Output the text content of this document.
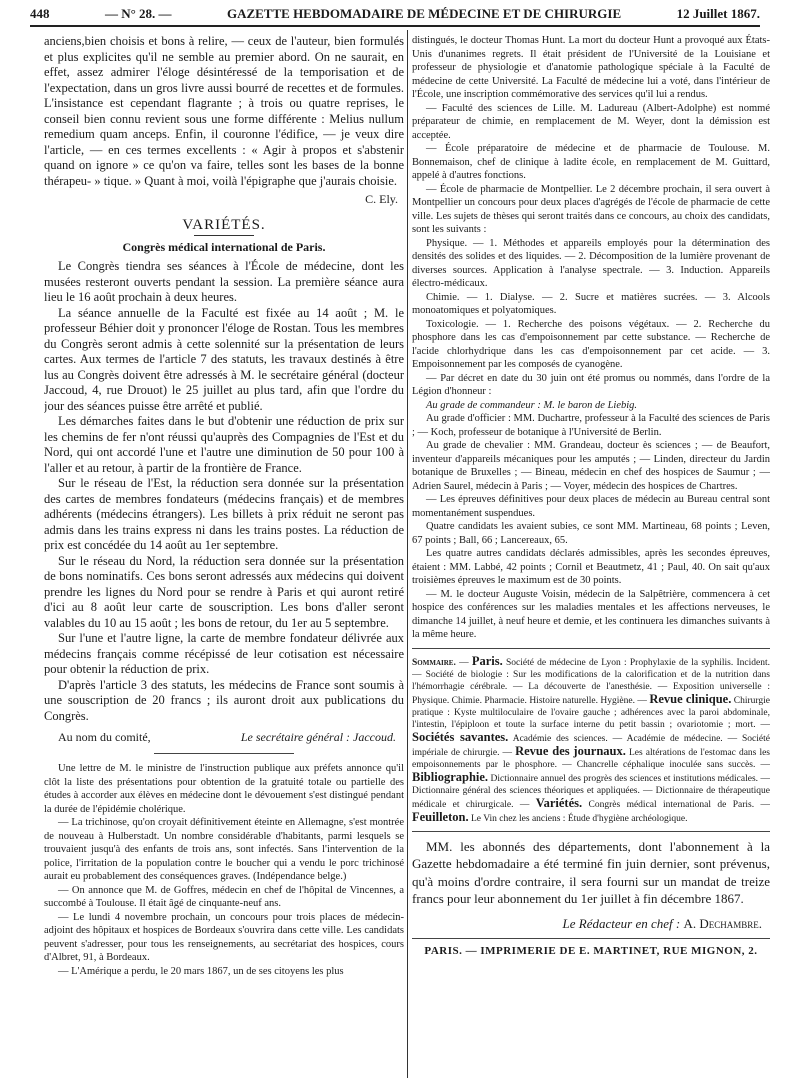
448	— N° 28. —	GAZETTE HEBDOMADAIRE DE MÉDECINE ET DE CHIRURGIE	12 Juillet 1867.

anciens,bien choisis et bons à relire, — ceux de l'auteur, bien formulés et plus explicites qu'il ne semble au premier abord. On ne saurait, en effet, assez admirer l'éloge désintéressé de la temporisation et de l'expectation, dans un gros livre aussi bourré de recettes et de formules. L'insistance est cependant flagrante ; à trois ou quatre reprises, le conseil bien connu revient sous une forme différente : Melius nullum remedium quam anceps. Enfin, il couronne l'édifice, — je veux dire l'article, — en ces termes excellents : « Agir à propos et s'abstenir quand on ignore » ce qu'on va faire, telles sont les bases de la bonne thérapeu- » tique. » Quant à moi, voilà l'épigraphe que j'aurais choisie.

C. Ely.
VARIÉTÉS.
Congrès médical international de Paris.

Le Congrès tiendra ses séances à l'École de médecine, dont les musées resteront ouverts pendant la session. La première séance aura lieu le 16 août prochain à deux heures.

La séance annuelle de la Faculté est fixée au 14 août ; M. le professeur Béhier doit y prononcer l'éloge de Rostan. Tous les membres du Congrès seront admis à cette solennité sur la présentation de leurs cartes. Aux termes de l'article 7 des statuts, les travaux destinés à être lus au Congrès doivent être adressés à M. le secrétaire général (docteur Jaccoud, 4, rue Drouot) le 25 juillet au plus tard, afin que l'ordre du jour des séances puisse être arrêté et publié.

Les démarches faites dans le but d'obtenir une réduction de prix sur les chemins de fer n'ont réussi qu'auprès des Compagnies de l'Est et du Nord, qui ont accordé l'une et l'autre une diminution de 50 pour 100 à l'aller et au retour, à partir de la frontière de France.

Sur le réseau de l'Est, la réduction sera donnée sur la présentation des cartes de membres fondateurs (médecins français) et de membres adhérents (médecins étrangers). Les billets à prix réduit ne seront pas admis dans les trains express ni dans les trains postes. La réduction de prix est concédée du 14 août au 1er septembre.

Sur le réseau du Nord, la réduction sera donnée sur la présentation de bons nominatifs. Ces bons seront adressés aux médecins qui doivent prendre les lignes du Nord pour se rendre à Paris et qui auront retiré d'ici au 8 août leur carte de souscription. Les bons d'aller seront valables du 10 au 15 août ; les bons de retour, du 1er au 5 septembre.

Sur l'une et l'autre ligne, la carte de membre fondateur délivrée aux médecins français comme récépissé de leur cotisation est nécessaire pour obtenir la réduction de prix.

D'après l'article 3 des statuts, les médecins de France sont soumis à une souscription de 20 francs ; ils auront droit aux publications du Congrès.

Au nom du comité,	Le secrétaire général : Jaccoud.

Une lettre de M. le ministre de l'instruction publique aux préfets annonce qu'il clôt la liste des présentations pour obtention de la gratuité totale ou partielle des études à accorder aux élèves en médecine dont le dévouement s'est distingué pendant la durée de l'épidémie cholérique.

— La trichinose, qu'on croyait définitivement éteinte en Allemagne, s'est montrée de nouveau à Hulberstadt. Un nombre considérable d'habitants, parmi lesquels se trouvaient jusqu'à des enfants de trois ans, sont infectés. Sans l'intervention de la police, l'irritation de la population contre le boucher qui a vendu le porc trichinosé aurait eu probablement des conséquences graves. (Indépendance belge.)

— On annonce que M. de Goffres, médecin en chef de l'hôpital de Vincennes, a succombé à Toulouse. Il était âgé de cinquante-neuf ans.

— Le lundi 4 novembre prochain, un concours pour trois places de médecin-adjoint des hôpitaux et hospices de Bordeaux s'ouvrira dans cette ville. Les candidats peuvent s'adresser, pour tous les renseignements, au secrétariat des hospices, cours d'Albret, 91, à Bordeaux.

— L'Amérique a perdu, le 20 mars 1867, un de ses citoyens les plus

distingués, le docteur Thomas Hunt. La mort du docteur Hunt a provoqué aux États-Unis d'unanimes regrets. Il était président de l'Université de la Louisiane et professeur de physiologie et d'anatomie pathologique spéciale à la Faculté de médecine de cette Université. La Faculté de médecine lui a voté, dans l'intérieur de l'École, une inscription commémorative des services qu'il lui a rendus.

— Faculté des sciences de Lille. M. Ladureau (Albert-Adolphe) est nommé préparateur de chimie, en remplacement de M. Weyer, dont la démission est acceptée.

— École préparatoire de médecine et de pharmacie de Toulouse. M. Bonnemaison, chef de clinique à ladite école, en remplacement de M. Guittard, appelé à d'autres fonctions.

— École de pharmacie de Montpellier. Le 2 décembre prochain, il sera ouvert à Montpellier un concours pour deux places d'agrégés de l'école de pharmacie de cette ville. Les sujets de thèses qui seront traités dans ce concours, au choix des candidats, sont les suivants :

Physique. — 1. Méthodes et appareils employés pour la détermination des densités des solides et des liquides. — 2. Décomposition de la lumière provenant de diverses sources. Application à l'analyse spectrale. — 3. Induction. Appareils électro-médicaux.

Chimie. — 1. Dialyse. — 2. Sucre et matières sucrées. — 3. Alcools monoatomiques et polyatomiques.

Toxicologie. — 1. Recherche des poisons végétaux. — 2. Recherche du phosphore dans les cas d'empoisonnement par cette substance. — Recherche de l'acide chlorhydrique dans les cas d'empoisonnement par cet acide. — 3. Empoisonnement par les composés de cyanogène.

— Par décret en date du 30 juin ont été promus ou nommés, dans l'ordre de la Légion d'honneur :

Au grade de commandeur : M. le baron de Liebig.

Au grade d'officier : MM. Duchartre, professeur à la Faculté des sciences de Paris ; — Koch, professeur de botanique à l'Université de Berlin.

Au grade de chevalier : MM. Grandeau, docteur ès sciences ; — de Beaufort, inventeur d'appareils mécaniques pour les amputés ; — Linden, directeur du Jardin botanique de Bruxelles ; — Bineau, médecin en chef des hospices de Saumur ; — Adrien Saurel, médecin à Paris ; — Voyer, médecin des hospices de Chartres.

— Les épreuves définitives pour deux places de médecin au Bureau central sont momentanément suspendues.

Quatre candidats les avaient subies, ce sont MM. Martineau, 68 points ; Leven, 67 points ; Ball, 66 ; Lancereaux, 65.

Les quatre autres candidats déclarés admissibles, après les secondes épreuves, étaient : MM. Labbé, 42 points ; Cornil et Beautmetz, 41 ; Paul, 40. On sait qu'aux troisièmes épreuves le maximum est de 30 points.

— M. le docteur Auguste Voisin, médecin de la Salpêtrière, commencera à cet hospice des conférences sur les maladies mentales et les affections nerveuses, le dimanche 14 juillet, à neuf heure et demie, et les continuera les dimanches suivants à la même heure.

Sommaire. — Paris. Société de médecine de Lyon : Prophylaxie de la syphilis. Incident. — Société de biologie : Sur les modifications de la calorification et de la nutrition dans l'hémorrhagie cérébrale. — La découverte de l'anesthésie. — Exposition universelle : Physique. Chimie. Pharmacie. Histoire naturelle. Hygiène. — Revue clinique. Chirurgie pratique : Kyste multiloculaire de l'ovaire gauche ; adhérences avec la paroi abdominale, l'intestin, l'épiploon et toute la surface interne du petit bassin ; ovariotomie ; mort. — Sociétés savantes. Académie des sciences. — Académie de médecine. — Société impériale de chirurgie. — Revue des journaux. Les altérations de l'estomac dans les empoisonnements par le phosphore. — Chancrelle céphalique inoculée sans succès. — Bibliographie. Dictionnaire annuel des progrès des sciences et institutions médicales. — Dictionnaire général des sciences théoriques et appliquées. — Dictionnaire de thérapeutique médicale et chirurgicale. — Variétés. Congrès médical international de Paris. — Feuilleton. Le Vin chez les anciens : Étude d'hygiène archéologique.

MM. les abonnés des départements, dont l'abonnement à la Gazette hebdomadaire a été terminé fin juin dernier, sont prévenus, qu'à moins d'ordre contraire, il sera fourni sur un mandat de treize francs pour leur abonnement du 1er juillet à fin décembre 1867.

Le Rédacteur en chef : A. Dechambre.
PARIS. — IMPRIMERIE DE E. MARTINET, RUE MIGNON, 2.
